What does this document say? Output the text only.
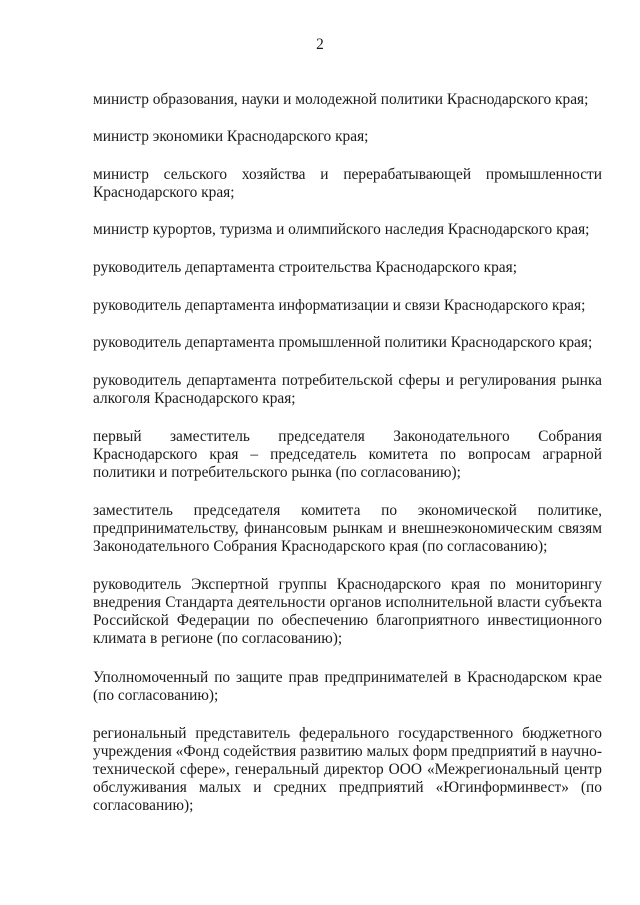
2
министр образования, науки и молодежной политики Краснодарского края;
министр экономики Краснодарского края;
министр сельского хозяйства и перерабатывающей промышленности Краснодарского края;
министр курортов, туризма и олимпийского наследия Краснодарского края;
руководитель департамента строительства Краснодарского края;
руководитель департамента информатизации и связи Краснодарского края;
руководитель департамента промышленной политики Краснодарского края;
руководитель департамента потребительской сферы и регулирования рынка алкоголя Краснодарского края;
первый заместитель председателя Законодательного Собрания Краснодарского края – председатель комитета по вопросам аграрной политики и потребительского рынка (по согласованию);
заместитель председателя комитета по экономической политике, предпринимательству, финансовым рынкам и внешнеэкономическим связям Законодательного Собрания Краснодарского края (по согласованию);
руководитель Экспертной группы Краснодарского края по мониторингу внедрения Стандарта деятельности органов исполнительной власти субъекта Российской Федерации по обеспечению благоприятного инвестиционного климата в регионе (по согласованию);
Уполномоченный по защите прав предпринимателей в Краснодарском крае (по согласованию);
региональный представитель федерального государственного бюджетного учреждения «Фонд содействия развитию малых форм предприятий в научно-технической сфере», генеральный директор ООО «Межрегиональный центр обслуживания малых и средних предприятий «Югинформинвест» (по согласованию);
